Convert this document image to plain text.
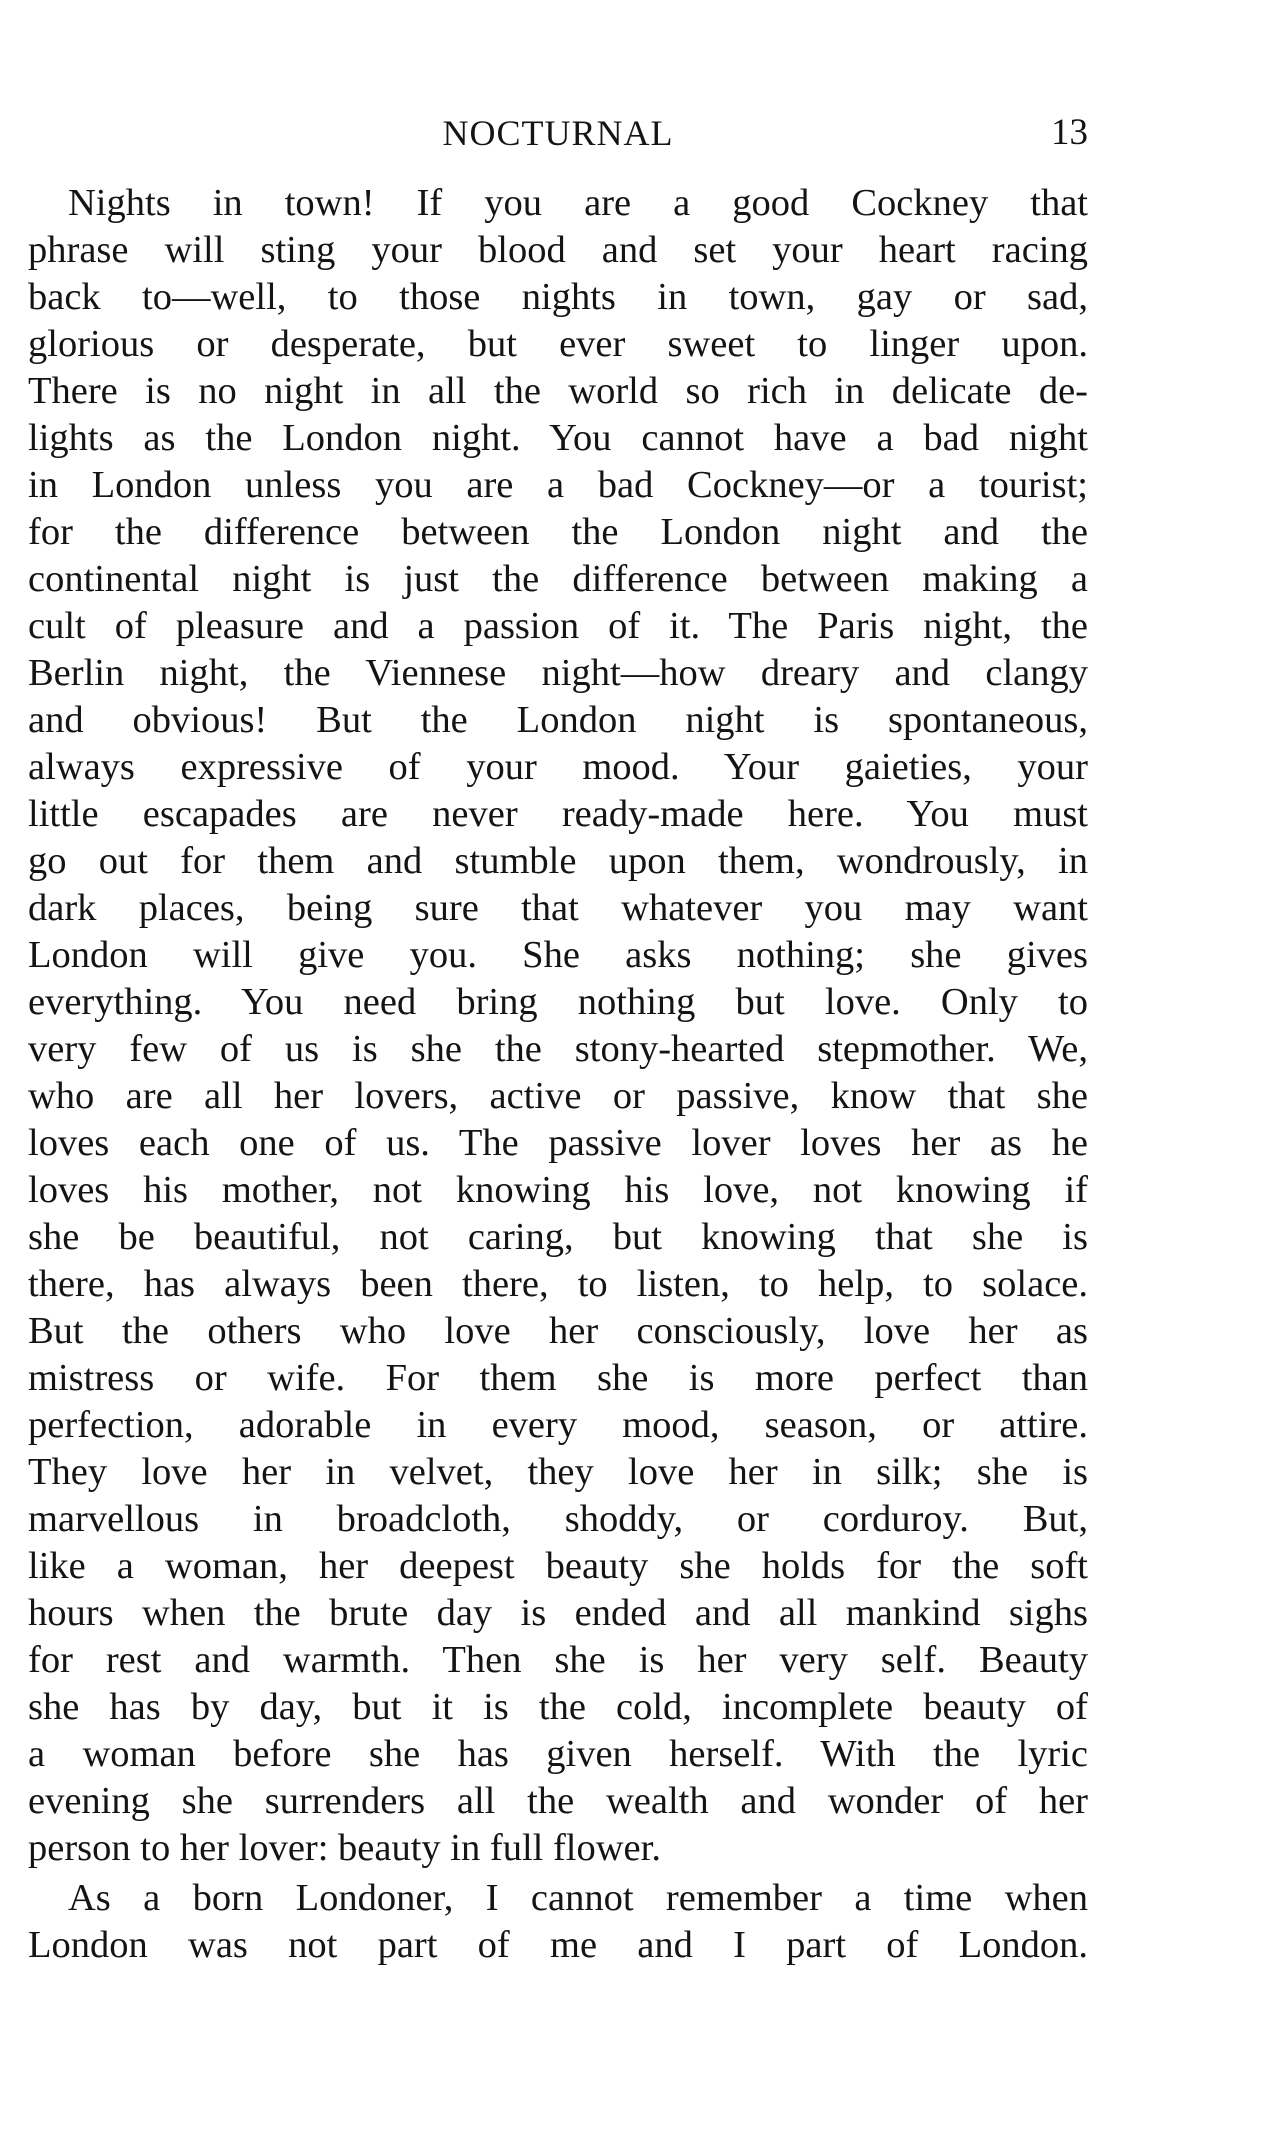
NOCTURNAL	13
Nights in town! If you are a good Cockney that
phrase will sting your blood and set your heart racing
back to—well, to those nights in town, gay or sad,
glorious or desperate, but ever sweet to linger upon.
There is no night in all the world so rich in delicate de-
lights as the London night. You cannot have a bad night
in London unless you are a bad Cockney—or a tourist;
for the difference between the London night and the
continental night is just the difference between making a
cult of pleasure and a passion of it. The Paris night, the
Berlin night, the Viennese night—how dreary and clangy
and obvious! But the London night is spontaneous,
always expressive of your mood. Your gaieties, your
little escapades are never ready-made here. You must
go out for them and stumble upon them, wondrously, in
dark places, being sure that whatever you may want
London will give you. She asks nothing; she gives
everything. You need bring nothing but love. Only to
very few of us is she the stony-hearted stepmother. We,
who are all her lovers, active or passive, know that she
loves each one of us. The passive lover loves her as he
loves his mother, not knowing his love, not knowing if
she be beautiful, not caring, but knowing that she is
there, has always been there, to listen, to help, to solace.
But the others who love her consciously, love her as
mistress or wife. For them she is more perfect than
perfection, adorable in every mood, season, or attire.
They love her in velvet, they love her in silk; she is
marvellous in broadcloth, shoddy, or corduroy. But,
like a woman, her deepest beauty she holds for the soft
hours when the brute day is ended and all mankind sighs
for rest and warmth. Then she is her very self. Beauty
she has by day, but it is the cold, incomplete beauty of
a woman before she has given herself. With the lyric
evening she surrenders all the wealth and wonder of her
person to her lover: beauty in full flower.
As a born Londoner, I cannot remember a time when
London was not part of me and I part of London.
